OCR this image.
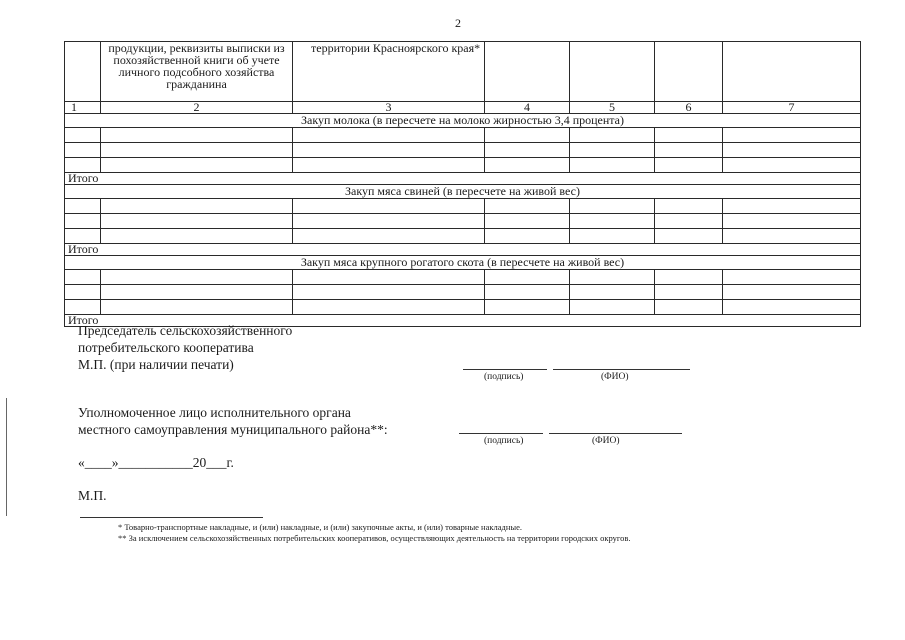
2
	продукции, реквизиты выписки из похозяйственной книги об учете личного подсобного хозяйства гражданина	территории Красноярского края*				
1	2	3	4	5	6	7
Закуп молока (в пересчете на молоко жирностью 3,4 процента)						

Итого						
Закуп мяса свиней (в пересчете на живой вес)						

Итого						
Закуп мяса крупного рогатого скота (в пересчете на живой вес)						

Итого						
Председатель сельскохозяйственного
потребительского кооператива
М.П. (при наличии печати)
(подпись)	(ФИО)
Уполномоченное лицо исполнительного органа
местного самоуправления муниципального района**:
(подпись)	(ФИО)
«____»___________20___г.
М.П.
* Товарно-транспортные накладные, и (или) накладные, и (или) закупочные акты, и (или) товарные накладные.
** За исключением сельскохозяйственных потребительских кооперативов, осуществляющих деятельность на территории городских округов.
